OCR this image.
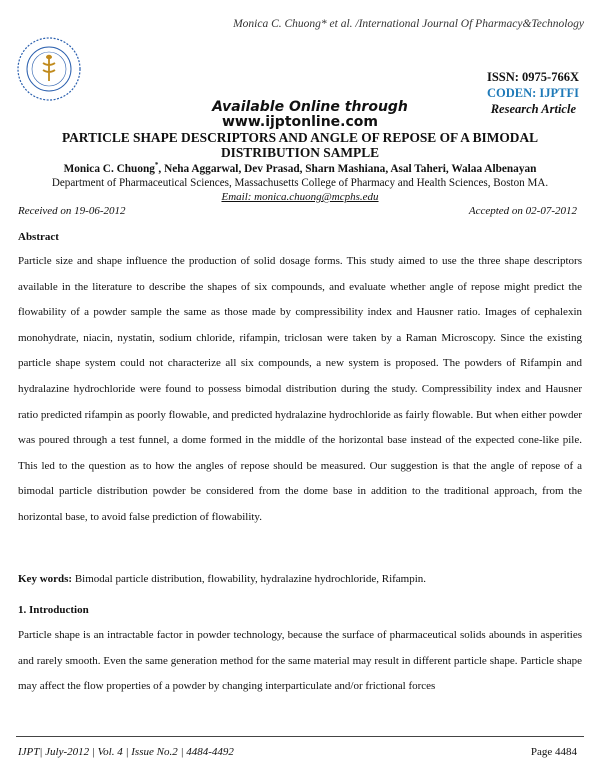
Monica C. Chuong* et al. /International Journal Of Pharmacy&Technology
ISSN: 0975-766X
CODEN: IJPTFI
Available Online through	Research Article
www.ijptonline.com
PARTICLE SHAPE DESCRIPTORS AND ANGLE OF REPOSE OF A BIMODAL DISTRIBUTION SAMPLE
Monica C. Chuong*, Neha Aggarwal, Dev Prasad, Sharn Mashiana, Asal Taheri, Walaa Albenayan
Department of Pharmaceutical Sciences, Massachusetts College of Pharmacy and Health Sciences, Boston MA.
Email: monica.chuong@mcphs.edu
Received on 19-06-2012	Accepted on 02-07-2012
Abstract
Particle size and shape influence the production of solid dosage forms. This study aimed to use the three shape descriptors available in the literature to describe the shapes of six compounds, and evaluate whether angle of repose might predict the flowability of a powder sample the same as those made by compressibility index and Hausner ratio. Images of cephalexin monohydrate, niacin, nystatin, sodium chloride, rifampin, triclosan were taken by a Raman Microscopy. Since the existing particle shape system could not characterize all six compounds, a new system is proposed. The powders of Rifampin and hydralazine hydrochloride were found to possess bimodal distribution during the study. Compressibility index and Hausner ratio predicted rifampin as poorly flowable, and predicted hydralazine hydrochloride as fairly flowable. But when either powder was poured through a test funnel, a dome formed in the middle of the horizontal base instead of the expected cone-like pile. This led to the question as to how the angles of repose should be measured. Our suggestion is that the angle of repose of a bimodal particle distribution powder be considered from the dome base in addition to the traditional approach, from the horizontal base, to avoid false prediction of flowability.
Key words: Bimodal particle distribution, flowability, hydralazine hydrochloride, Rifampin.
1. Introduction
Particle shape is an intractable factor in powder technology, because the surface of pharmaceutical solids abounds in asperities and rarely smooth. Even the same generation method for the same material may result in different particle shape. Particle shape may affect the flow properties of a powder by changing interparticulate and/or frictional forces
IJPT| July-2012 | Vol. 4 | Issue No.2 | 4484-4492	Page 4484
